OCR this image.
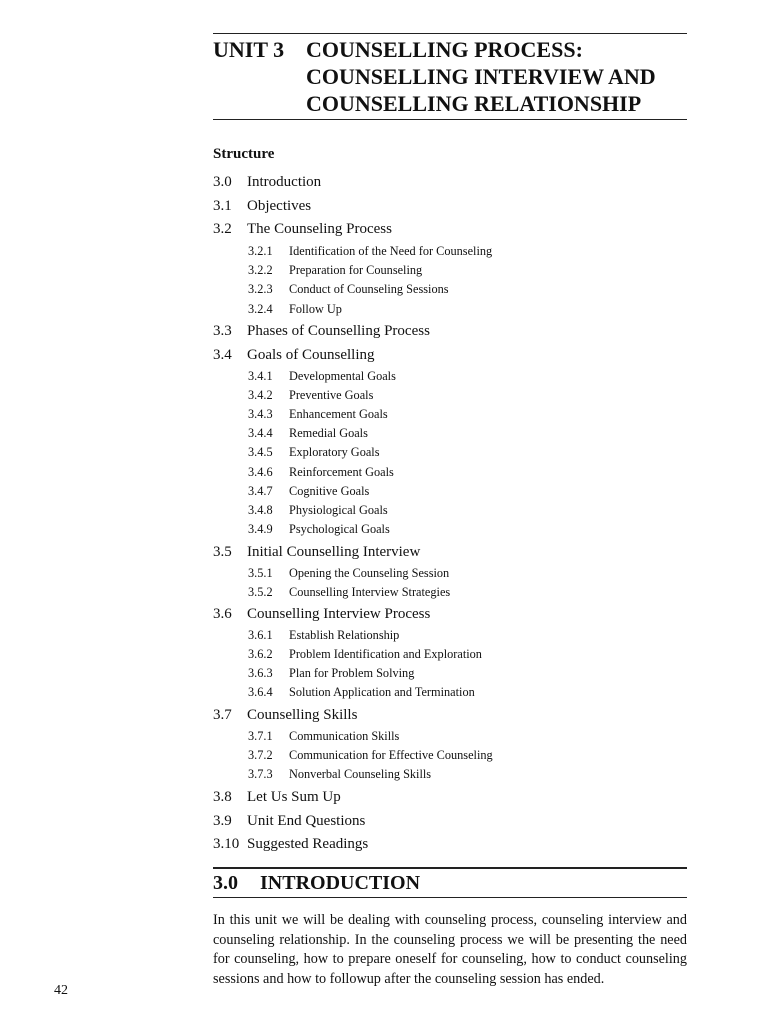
UNIT 3 COUNSELLING PROCESS:
COUNSELLING INTERVIEW AND
COUNSELLING RELATIONSHIP
Structure
3.0 Introduction
3.1 Objectives
3.2 The Counseling Process
3.2.1 Identification of the Need for Counseling
3.2.2 Preparation for Counseling
3.2.3 Conduct of Counseling Sessions
3.2.4 Follow Up
3.3 Phases of Counselling Process
3.4 Goals of Counselling
3.4.1 Developmental Goals
3.4.2 Preventive Goals
3.4.3 Enhancement Goals
3.4.4 Remedial Goals
3.4.5 Exploratory Goals
3.4.6 Reinforcement Goals
3.4.7 Cognitive Goals
3.4.8 Physiological Goals
3.4.9 Psychological Goals
3.5 Initial Counselling Interview
3.5.1 Opening the Counseling Session
3.5.2 Counselling Interview Strategies
3.6 Counselling Interview Process
3.6.1 Establish Relationship
3.6.2 Problem Identification and Exploration
3.6.3 Plan for Problem Solving
3.6.4 Solution Application and Termination
3.7 Counselling Skills
3.7.1 Communication Skills
3.7.2 Communication for Effective Counseling
3.7.3 Nonverbal Counseling Skills
3.8 Let Us Sum Up
3.9 Unit End Questions
3.10 Suggested Readings
3.0 INTRODUCTION
In this unit we will be dealing with counseling process, counseling interview and counseling relationship. In the counseling process we will be presenting the need for counseling, how to prepare oneself for counseling, how to conduct counseling sessions and how to followup after the counseling session has ended.
42
